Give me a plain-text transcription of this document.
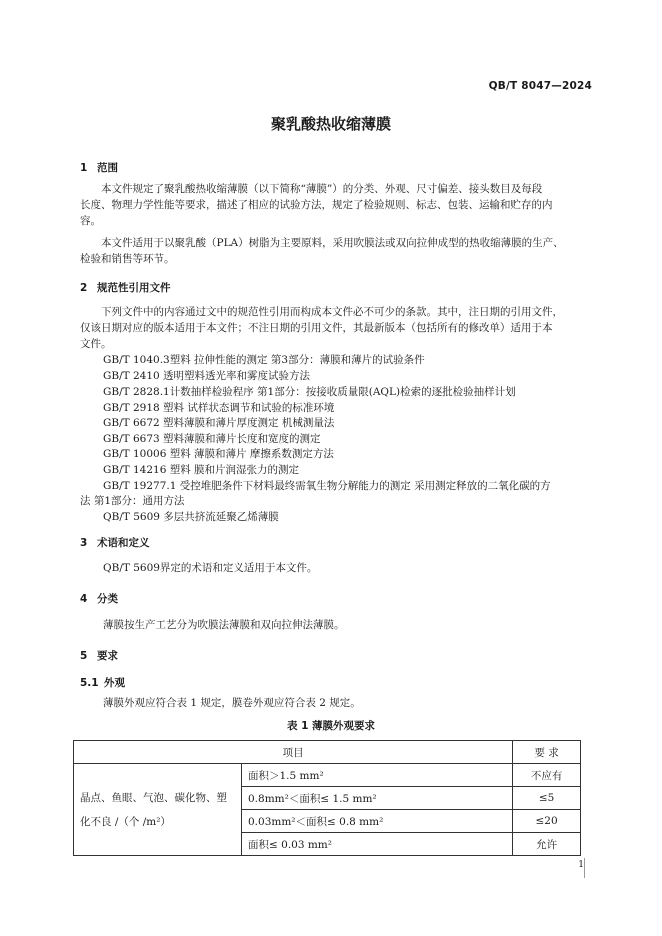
QB/T 8047—2024
聚乳酸热收缩薄膜
1 范围
本文件规定了聚乳酸热收缩薄膜（以下简称“薄膜”）的分类、外观、尺寸偏差、接头数目及每段
长度、物理力学性能等要求，描述了相应的试验方法，规定了检验规则、标志、包装、运输和贮存的内
容。
本文件适用于以聚乳酸（PLA）树脂为主要原料，采用吹膜法或双向拉伸成型的热收缩薄膜的生产、
检验和销售等环节。
2 规范性引用文件
下列文件中的内容通过文中的规范性引用而构成本文件必不可少的条款。其中，注日期的引用文件，
仅该日期对应的版本适用于本文件；不注日期的引用文件，其最新版本（包括所有的修改单）适用于本
文件。
GB/T 1040.3塑料 拉伸性能的测定 第3部分：薄膜和薄片的试验条件
GB/T 2410 透明塑料透光率和雾度试验方法
GB/T 2828.1计数抽样检验程序 第1部分：按接收质量限(AQL)检索的逐批检验抽样计划
GB/T 2918 塑料 试样状态调节和试验的标准环境
GB/T 6672 塑料薄膜和薄片厚度测定 机械测量法
GB/T 6673 塑料薄膜和薄片长度和宽度的测定
GB/T 10006 塑料 薄膜和薄片 摩擦系数测定方法
GB/T 14216 塑料 膜和片润湿张力的测定
GB/T 19277.1 受控堆肥条件下材料最终需氧生物分解能力的测定 采用测定释放的二氧化碳的方
法 第1部分：通用方法
QB/T 5609 多层共挤流延聚乙烯薄膜
3 术语和定义
QB/T 5609界定的术语和定义适用于本文件。
4 分类
薄膜按生产工艺分为吹膜法薄膜和双向拉伸法薄膜。
5 要求
5.1 外观
薄膜外观应符合表 1 规定，膜卷外观应符合表 2 规定。
表 1 薄膜外观要求
项目		要 求

晶点、鱼眼、气泡、碳化物、塑
化不良 /（个 /m²）	面积＞1.5 mm²	不应有
	0.8mm²＜面积≤ 1.5 mm²	≤5
	0.03mm²＜面积≤ 0.8 mm²	≤20
	面积≤ 0.03 mm²	允许
1
